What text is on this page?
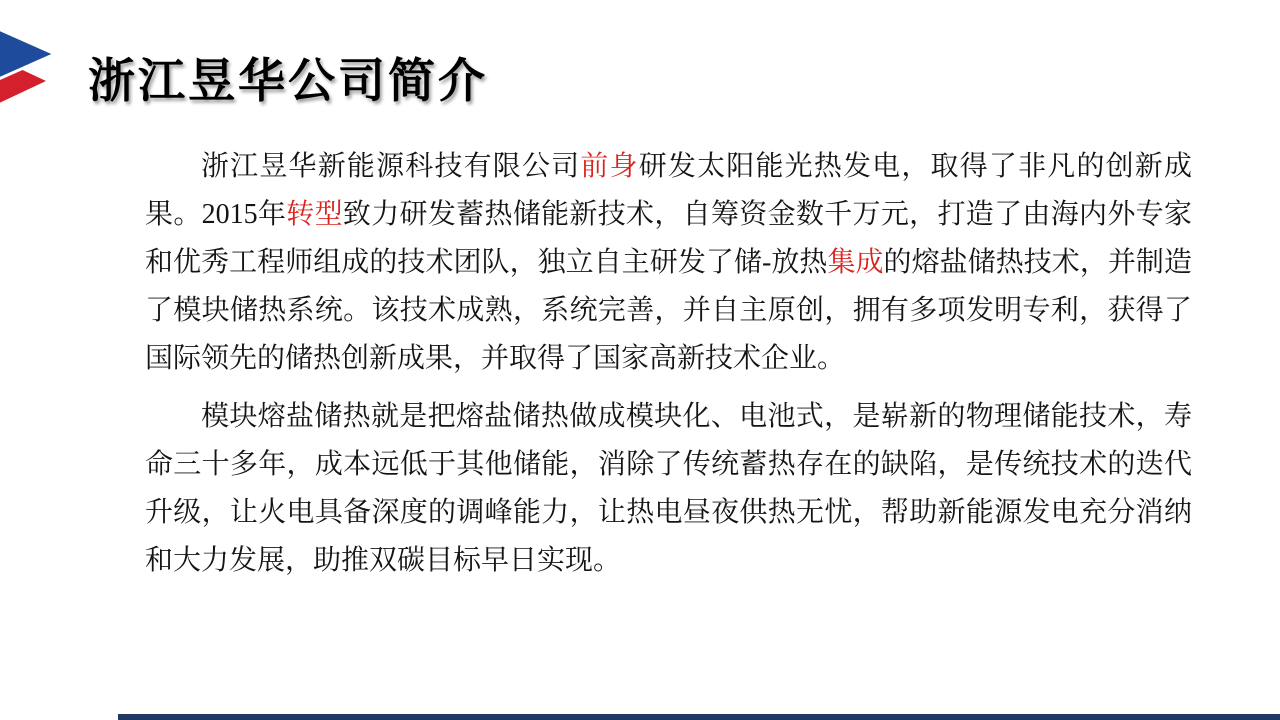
浙江昱华公司简介

浙江昱华新能源科技有限公司前身研发太阳能光热发电，取得了非凡的创新成果。2015年转型致力研发蓄热储能新技术，自筹资金数千万元，打造了由海内外专家和优秀工程师组成的技术团队，独立自主研发了储-放热集成的熔盐储热技术，并制造了模块储热系统。该技术成熟，系统完善，并自主原创，拥有多项发明专利，获得了国际领先的储热创新成果，并取得了国家高新技术企业。

模块熔盐储热就是把熔盐储热做成模块化、电池式，是崭新的物理储能技术，寿命三十多年，成本远低于其他储能，消除了传统蓄热存在的缺陷，是传统技术的迭代升级，让火电具备深度的调峰能力，让热电昼夜供热无忧，帮助新能源发电充分消纳和大力发展，助推双碳目标早日实现。
